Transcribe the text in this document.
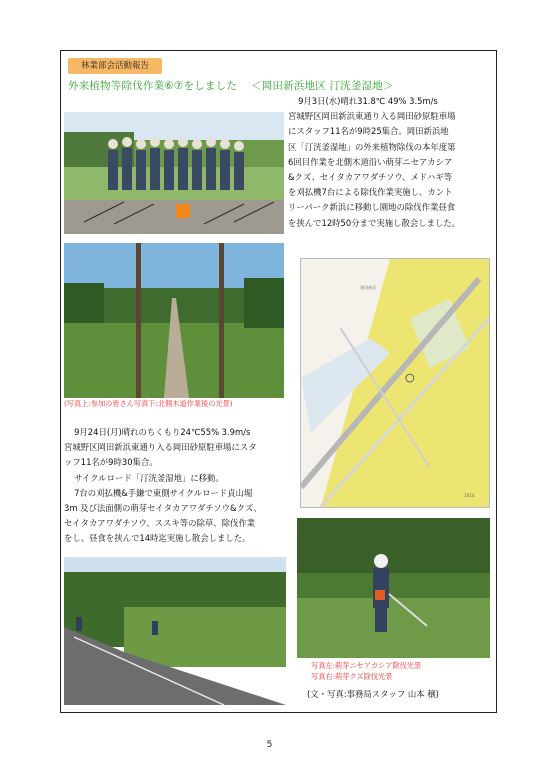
林業部会活動報告
外来植物等除伐作業⑥⑦をしました ＜岡田新浜地区 汀洸釜湿地＞
(写真上:参加の皆さん写真下:北側木道作業後の光景)
9月3日(水)晴れ31.8℃ 49% 3.5m/s
宮城野区岡田新浜東通り入る岡田砂原駐車場
にスタッフ11名が9時25集合。岡田新浜地
区「汀洸釜湿地」の外来植物除伐の本年度第
6回目作業を北側木道沿い萌芽ニセアカシア
&クズ、セイタカアワダチソウ、メドハギ等
を刈払機7台による除伐作業実施し、カント
リーパーク新浜に移動し園地の除伐作業昼食
を挟んで12時50分まで実施し散会しました。
岡田新浜
2024.
9月24日(月)晴れのちくもり24℃55% 3.9m/s
宮城野区岡田新浜東通り入る岡田砂原駐車場にスタ
ッフ11名が9時30集合。
サイクルロード「汀洸釜湿地」に移動。
7台の刈払機&手鎌で東側サイクルロード貞山堀
3m 及び法面側の萌芽セイタカアワダチソウ&クズ、
セイタカアワダチソウ、ススキ等の除草、除伐作業
をし、昼食を挟んで14時迄実施し散会しました。
写真左:萌芽ニセアカシア除伐光景
写真右:萌芽クズ除伐光景
(文・写真:事務局スタッフ 山本 穣)
5
